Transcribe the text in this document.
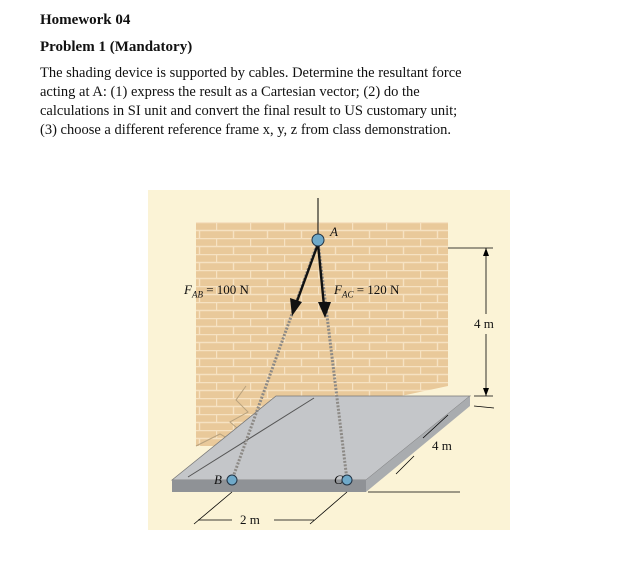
Homework 04
Problem 1 (Mandatory)
The shading device is supported by cables. Determine the resultant force
acting at A: (1) express the result as a Cartesian vector; (2) do the
calculations in SI unit and convert the final result to US customary unit;
(3) choose a different reference frame x, y, z from class demonstration.
A
B	C
$F_{AB} = 100$ N	$F_{AC} = 120$ N
4 m
4 m
2 m
